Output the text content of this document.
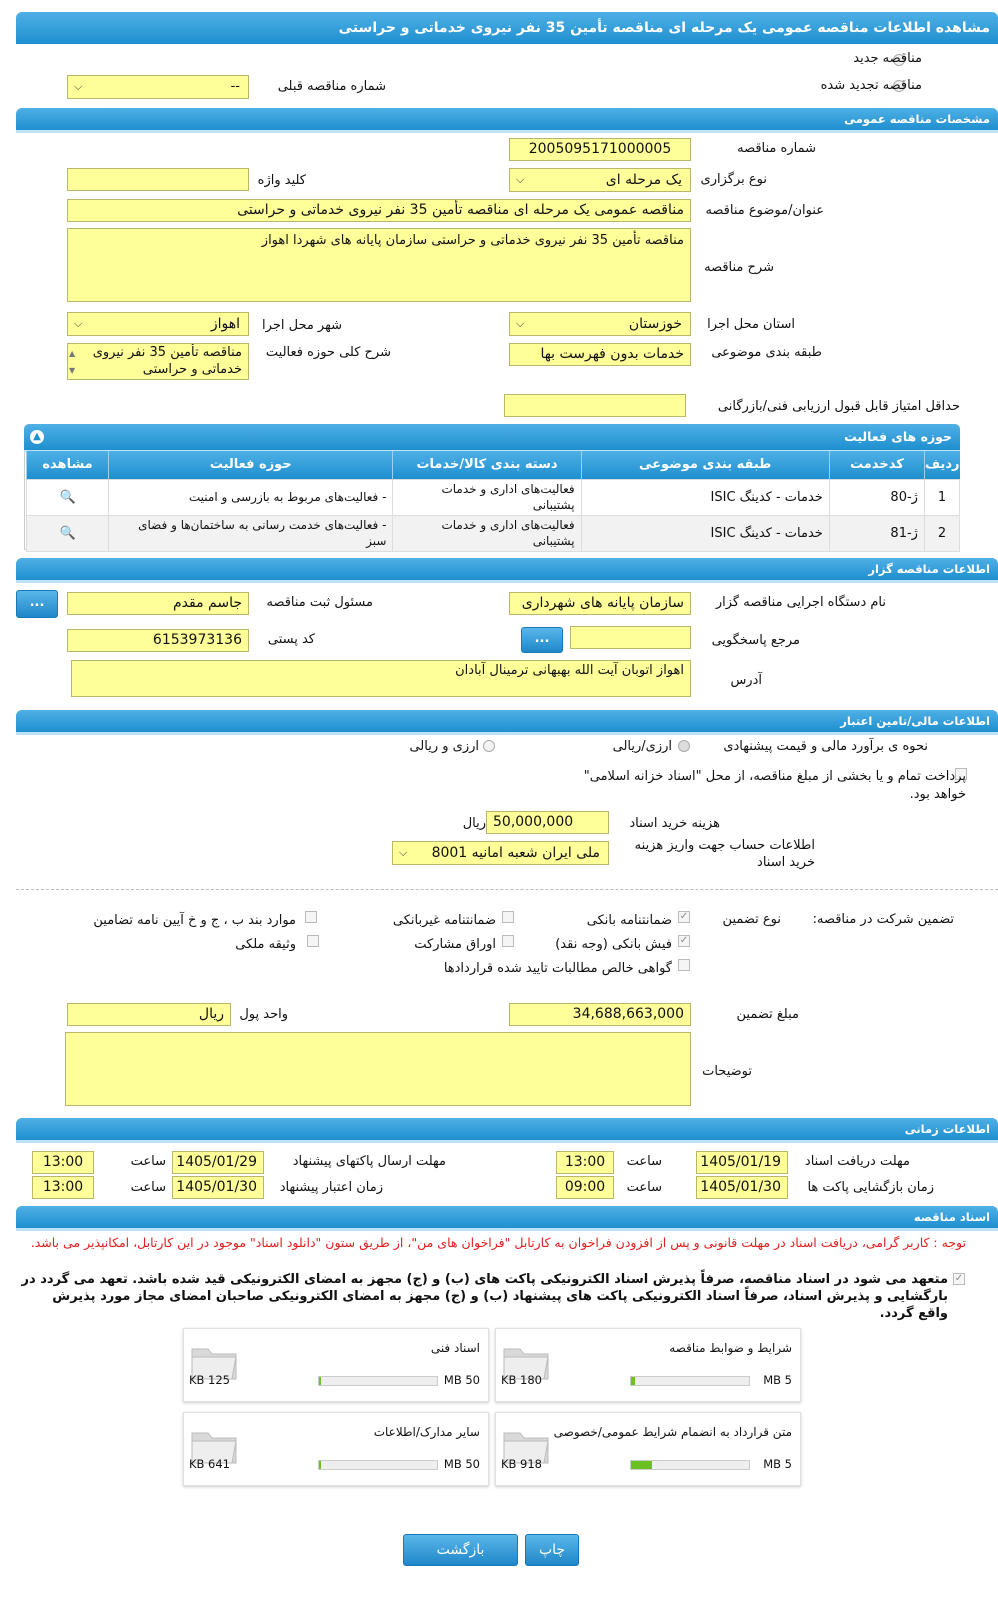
مشاهده اطلاعات مناقصه عمومی یک مرحله ای مناقصه تأمین 35 نفر نیروی خدماتی و حراستی
مناقصه جدید
مناقصه تجدید شده
شماره مناقصه قبلی
--
⌵
مشخصات مناقصه عمومی
شماره مناقصه
2005095171000005
کلید واژه	نوع برگزاری
یک مرحله ای
⌵
عنوان/موضوع مناقصه
مناقصه عمومی یک مرحله ای مناقصه تأمین 35 نفر نیروی خدماتی و حراستی
شرح مناقصه
مناقصه تأمین 35 نفر نیروی خدماتی و حراستی سازمان پایانه های شهردا اهواز
استان محل اجرا
خوزستان
⌵
شهر محل اجرا
اهواز
⌵
طبقه بندی موضوعی
خدمات بدون فهرست بها
شرح کلی حوزه فعالیت
مناقصه تأمین 35 نفر نیروی خدماتی و حراستی
▲
▼
حداقل امتیاز قابل قبول ارزیابی فنی/بازرگانی
حوزه های فعالیت
▲
ردیف	کدخدمت	طبقه بندی موضوعی	دسته بندی کالا/خدمات	حوزه فعالیت	مشاهده
1	ژ-80	خدمات - کدینگ ISIC	فعالیت‌های اداری و خدمات پشتیبانی	- فعالیت‌های مربوط به بازرسی و امنیت	🔍
2	ژ-81	خدمات - کدینگ ISIC	فعالیت‌های اداری و خدمات پشتیبانی	- فعالیت‌های خدمت رسانی به ساختمان‌ها و فضای سبز	🔍
اطلاعات مناقصه گزار
نام دستگاه اجرایی مناقصه گزار
سازمان پایانه های شهرداری
مسئول ثبت مناقصه
جاسم مقدم
...
مرجع پاسخگویی
...
کد پستی
6153973136
آدرس
اهواز اتوبان آیت الله بهبهانی ترمینال آبادان
اطلاعات مالی/تامین اعتبار
نحوه ی برآورد مالی و قیمت پیشنهادی
ارزی/ریالی
ارزی و ریالی
پرداخت تمام و یا بخشی از مبلغ مناقصه، از محل "اسناد خزانه اسلامی"
خواهد بود.
هزینه خرید اسناد
50,000,000
ریال
اطلاعات حساب جهت واریز هزینه خرید اسناد
ملی ایران شعبه امانیه 8001
⌵
تضمین شرکت در مناقصه:
نوع تضمین
✓
ضمانتنامه بانکی
ضمانتنامه غیربانکی
موارد بند ب ، ج و خ آیین نامه تضامین
✓
فیش بانکی (وجه نقد)
اوراق مشارکت
وثیقه ملکی
گواهی خالص مطالبات تایید شده قراردادها
مبلغ تضمین
34,688,663,000
واحد پول
ریال
توضیحات
اطلاعات زمانی
مهلت دریافت اسناد
1405/01/19
ساعت
13:00
مهلت ارسال پاکتهای پیشنهاد
1405/01/29
ساعت
13:00
زمان بازگشایی پاکت ها
1405/01/30
ساعت
09:00
زمان اعتبار پیشنهاد
1405/01/30
ساعت
13:00
اسناد مناقصه
توجه : کاربر گرامی، دریافت اسناد در مهلت قانونی و پس از افزودن فراخوان به کارتابل "فراخوان های من"، از طریق ستون "دانلود اسناد" موجود در این کارتابل، امکانپذیر می باشد.
✓
متعهد می شود در اسناد مناقصه، صرفاً پذیرش اسناد الکترونیکی پاکت های (ب) و (ج) مجهز به امضای الکترونیکی قید شده باشد. تعهد می گردد در بارگشایی و پذیرش اسناد، صرفاً اسناد الکترونیکی پاکت های پیشنهاد (ب) و (ج) مجهز به امضای الکترونیکی صاحبان امضای مجاز مورد پذیرش واقع گردد.
شرایط و ضوابط مناقصه
180 KB	5 MB
اسناد فنی
125 KB	50 MB
متن قرارداد به انضمام شرایط عمومی/خصوصی
918 KB	5 MB
سایر مدارک/اطلاعات
641 KB	50 MB
چاپ
بازگشت
